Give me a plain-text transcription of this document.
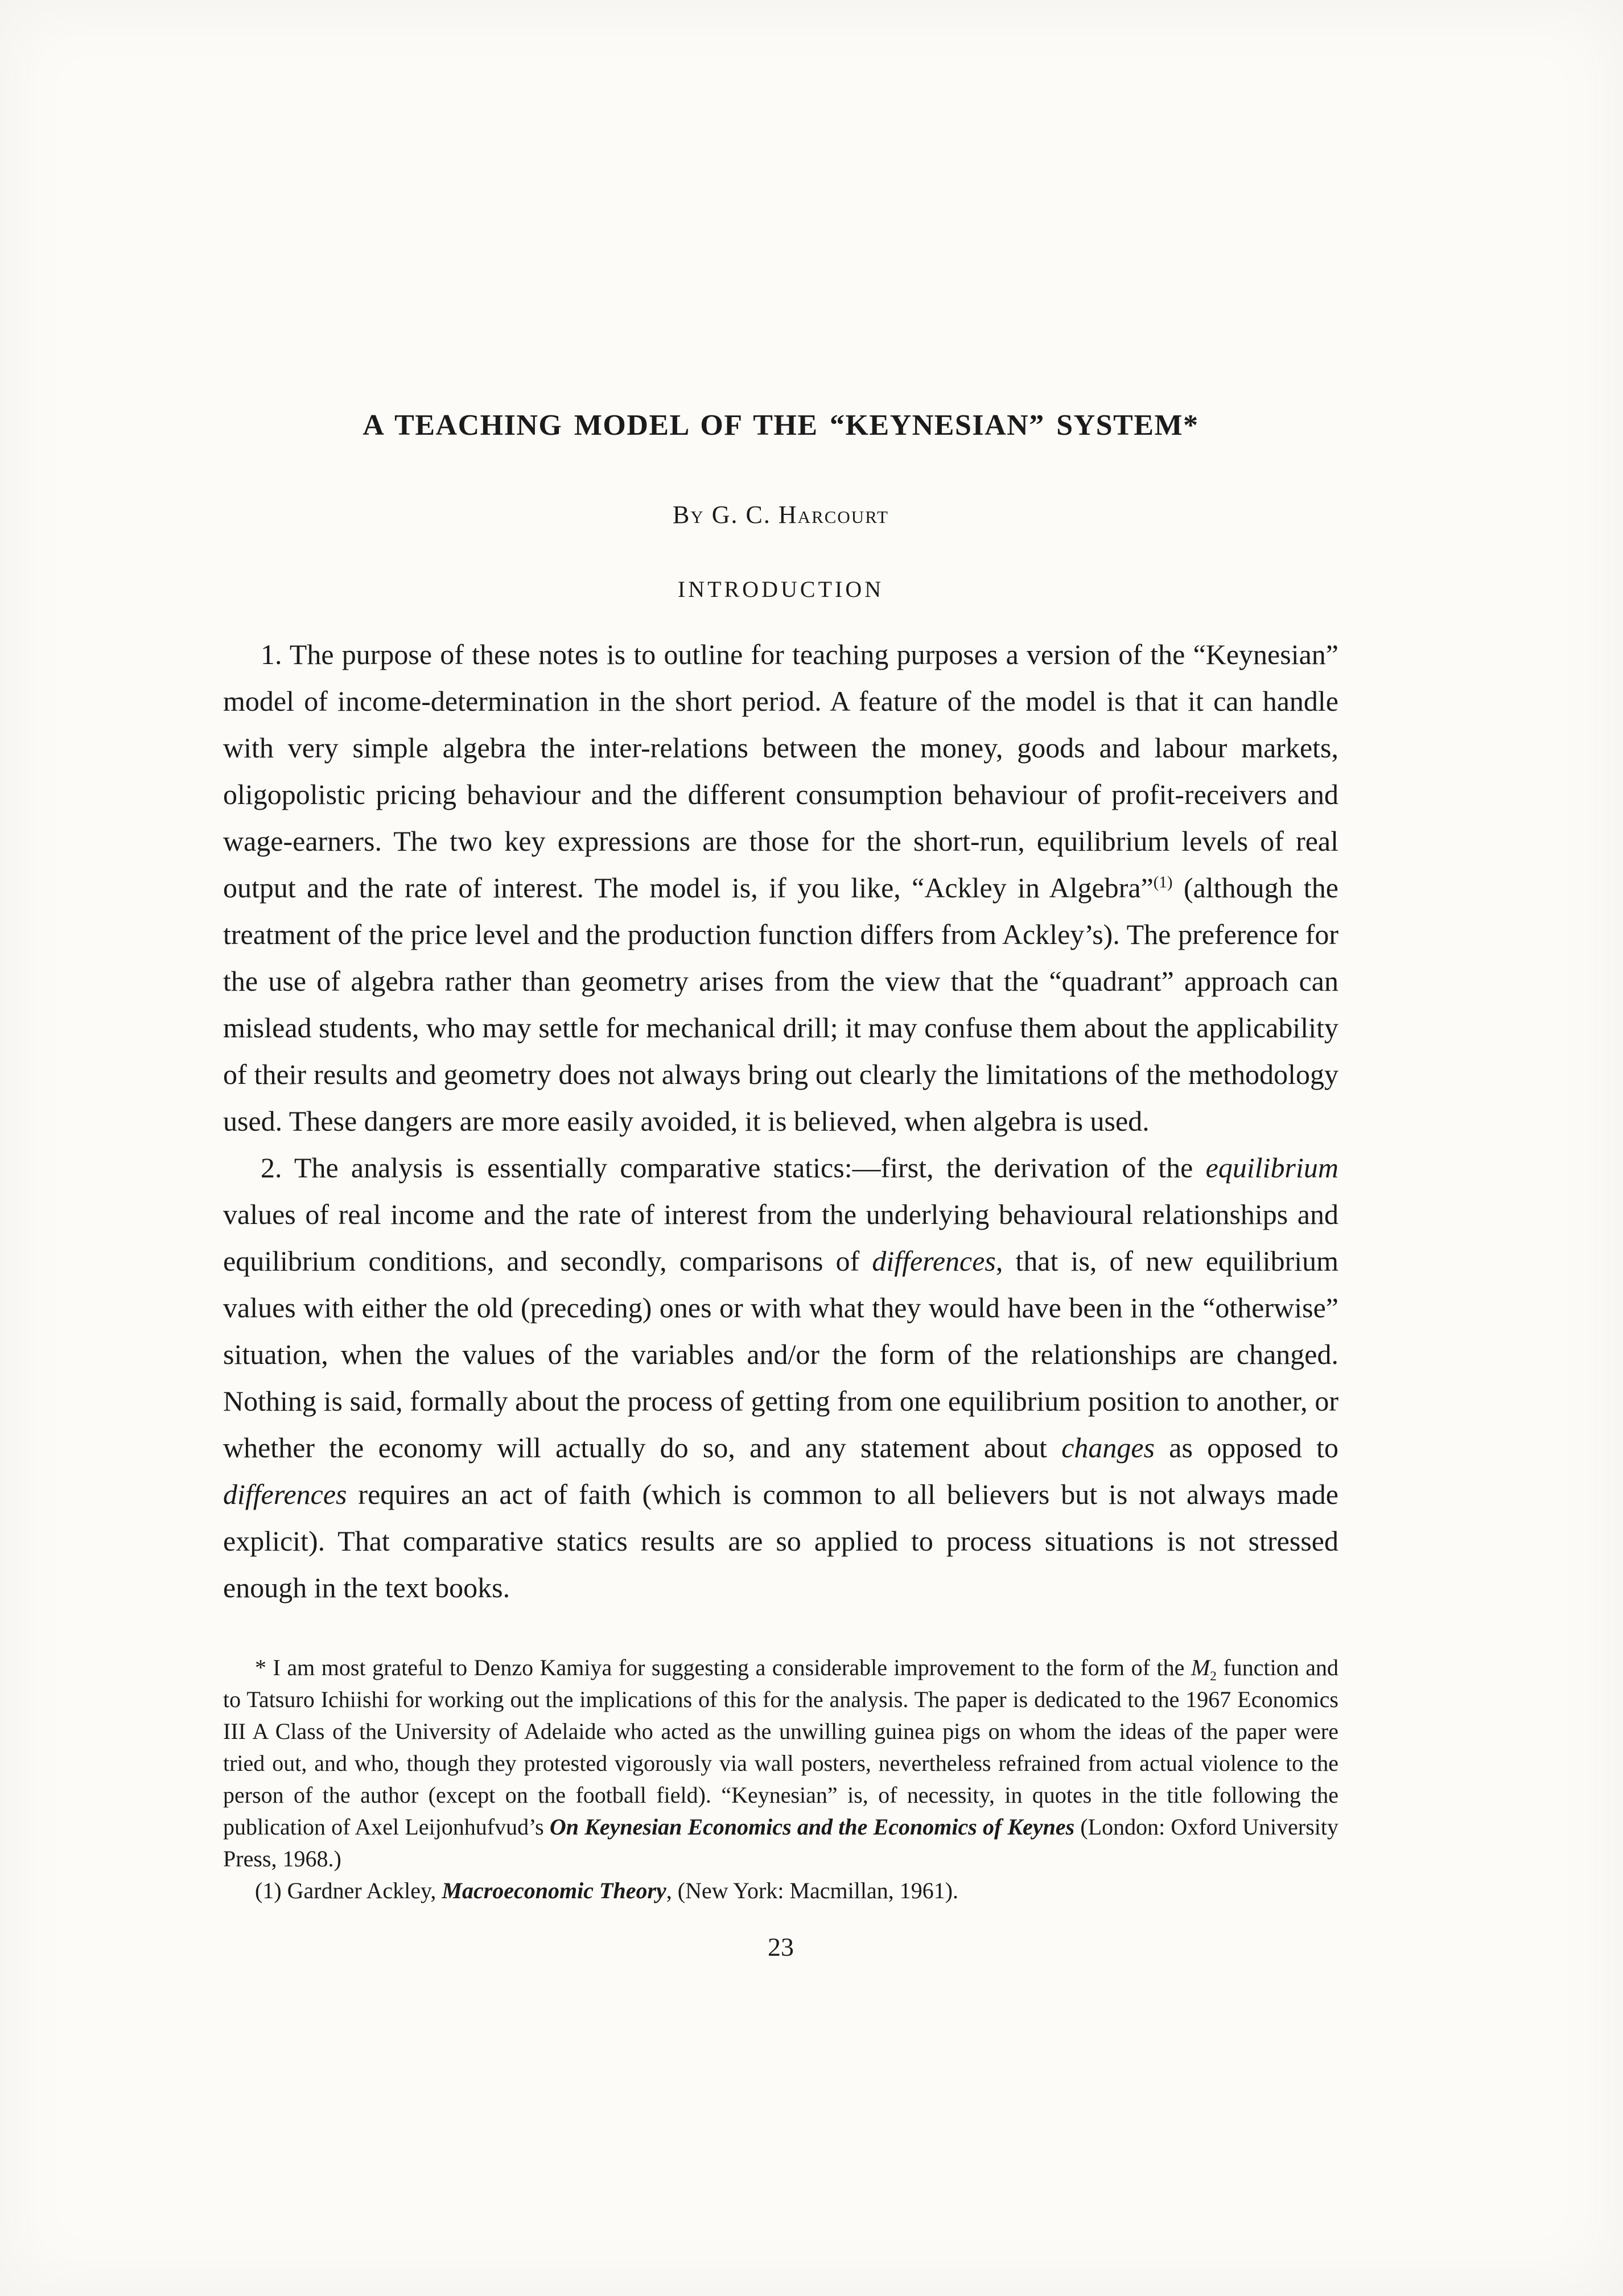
A TEACHING MODEL OF THE “KEYNESIAN” SYSTEM*
By G. C. Harcourt
INTRODUCTION

1. The purpose of these notes is to outline for teaching purposes a version of the “Keynesian” model of income-determination in the short period. A feature of the model is that it can handle with very simple algebra the inter-relations between the money, goods and labour markets, oligopolistic pricing behaviour and the different consumption behaviour of profit-receivers and wage-earners. The two key expressions are those for the short-run, equilibrium levels of real output and the rate of interest. The model is, if you like, “Ackley in Algebra”$^{(1)}$ (although the treatment of the price level and the production function differs from Ackley’s). The preference for the use of algebra rather than geometry arises from the view that the “quadrant” approach can mislead students, who may settle for mechanical drill; it may confuse them about the applicability of their results and geometry does not always bring out clearly the limitations of the methodology used. These dangers are more easily avoided, it is believed, when algebra is used.

2. The analysis is essentially comparative statics:—first, the derivation of the equilibrium values of real income and the rate of interest from the underlying behavioural relationships and equilibrium conditions, and secondly, comparisons of differences, that is, of new equilibrium values with either the old (preceding) ones or with what they would have been in the “otherwise” situation, when the values of the variables and/or the form of the relationships are changed. Nothing is said, formally about the process of getting from one equilibrium position to another, or whether the economy will actually do so, and any statement about changes as opposed to differences requires an act of faith (which is common to all believers but is not always made explicit). That comparative statics results are so applied to process situations is not stressed enough in the text books.

* I am most grateful to Denzo Kamiya for suggesting a considerable improvement to the form of the $M_2$ function and to Tatsuro Ichiishi for working out the implications of this for the analysis. The paper is dedicated to the 1967 Economics III A Class of the University of Adelaide who acted as the unwilling guinea pigs on whom the ideas of the paper were tried out, and who, though they protested vigorously via wall posters, nevertheless refrained from actual violence to the person of the author (except on the football field). “Keynesian” is, of necessity, in quotes in the title following the publication of Axel Leijonhufvud’s On Keynesian Economics and the Economics of Keynes (London: Oxford University Press, 1968.)

(1) Gardner Ackley, Macroeconomic Theory, (New York: Macmillan, 1961).

23
